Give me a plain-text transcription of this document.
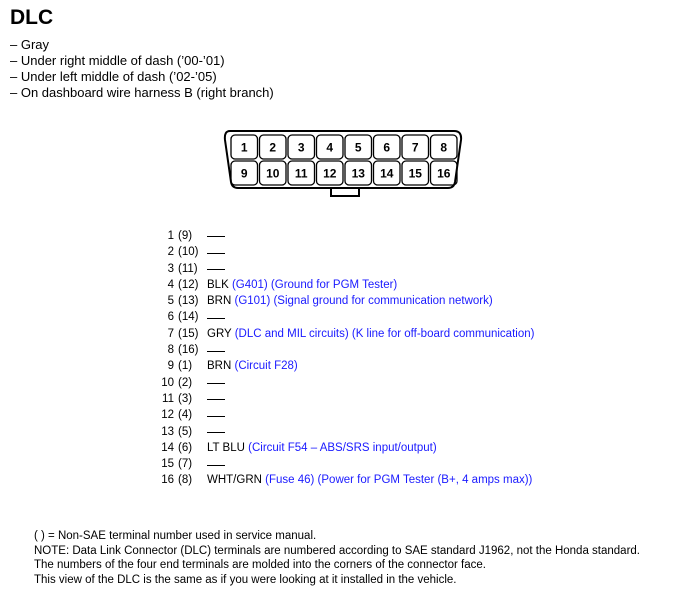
DLC
– Gray
– Under right middle of dash (’00-’01)
– Under left middle of dash (’02-’05)
– On dashboard wire harness B (right branch)
1 2 3 4 5 6 7 8
9 10 11 12 13 14 15 16
1 (9)
2 (10)
3 (11)
4 (12) BLK (G401) (Ground for PGM Tester)
5 (13) BRN (G101) (Signal ground for communication network)
6 (14)
7 (15) GRY (DLC and MIL circuits) (K line for off-board communication)
8 (16)
9 (1) BRN (Circuit F28)
10 (2)
11 (3)
12 (4)
13 (5)
14 (6) LT BLU (Circuit F54 – ABS/SRS input/output)
15 (7)
16 (8) WHT/GRN (Fuse 46) (Power for PGM Tester (B+, 4 amps max))
( ) = Non-SAE terminal number used in service manual.
NOTE: Data Link Connector (DLC) terminals are numbered according to SAE standard J1962, not the Honda standard.
The numbers of the four end terminals are molded into the corners of the connector face.
This view of the DLC is the same as if you were looking at it installed in the vehicle.
